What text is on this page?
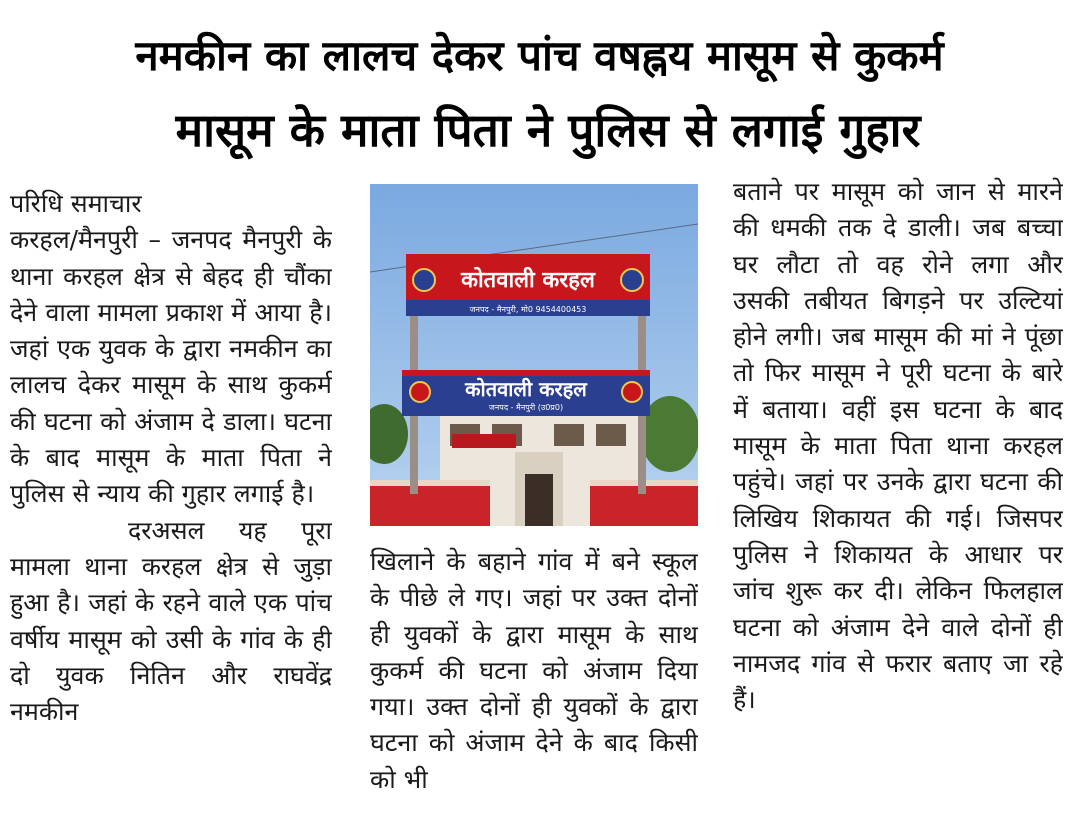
नमकीन का लालच देकर पांच वषह्नय मासूम से कुकर्म
मासूम के माता पिता ने पुलिस से लगाई गुहार

परिधि समाचार

करहल/मैनपुरी – जनपद मैनपुरी के थाना करहल क्षेत्र से बेहद ही चौंका देने वाला मामला प्रकाश में आया है। जहां एक युवक के द्वारा नमकीन का लालच देकर मासूम के साथ कुकर्म की घटना को अंजाम दे डाला। घटना के बाद मासूम के माता पिता ने पुलिस से न्याय की गुहार लगाई है।

दरअसल यह पूरा मामला थाना करहल क्षेत्र से जुड़ा हुआ है। जहां के रहने वाले एक पांच वर्षीय मासूम को उसी के गांव के ही दो युवक नितिन और राघवेंद्र नमकीन

कोतवाली करहल
जनपद - मैनपुरी, मो0 9454400453
कोतवाली करहल
जनपद - मैनपुरी (उ0प्र0)

खिलाने के बहाने गांव में बने स्कूल के पीछे ले गए। जहां पर उक्त दोनों ही युवकों के द्वारा मासूम के साथ कुकर्म की घटना को अंजाम दिया गया। उक्त दोनों ही युवकों के द्वारा घटना को अंजाम देने के बाद किसी को भी

बताने पर मासूम को जान से मारने की धमकी तक दे डाली। जब बच्चा घर लौटा तो वह रोने लगा और उसकी तबीयत बिगड़ने पर उल्टियां होने लगी। जब मासूम की मां ने पूंछा तो फिर मासूम ने पूरी घटना के बारे में बताया। वहीं इस घटना के बाद मासूम के माता पिता थाना करहल पहुंचे। जहां पर उनके द्वारा घटना की लिखिय शिकायत की गई। जिसपर पुलिस ने शिकायत के आधार पर जांच शुरू कर दी। लेकिन फिलहाल घटना को अंजाम देने वाले दोनों ही नामजद गांव से फरार बताए जा रहे हैं।
